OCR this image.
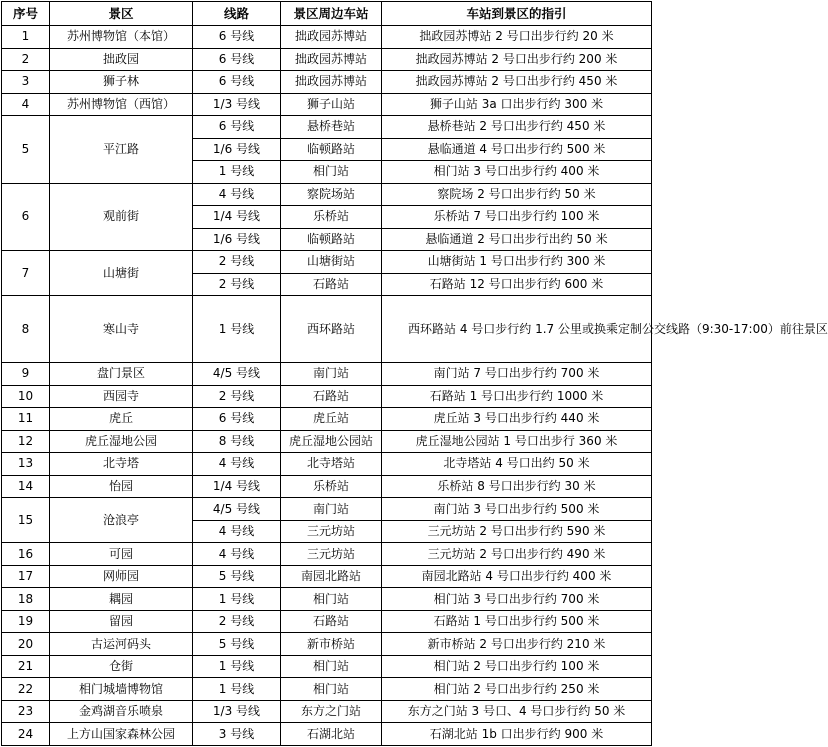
序号	景区	线路	景区周边车站	车站到景区的指引
1	苏州博物馆（本馆）	6 号线	拙政园苏博站	拙政园苏博站 2 号口出步行约 20 米
2	拙政园	6 号线	拙政园苏博站	拙政园苏博站 2 号口出步行约 200 米
3	狮子林	6 号线	拙政园苏博站	拙政园苏博站 2 号口出步行约 450 米
4	苏州博物馆（西馆）	1/3 号线	狮子山站	狮子山站 3a 口出步行约 300 米
5	平江路	6 号线	悬桥巷站	悬桥巷站 2 号口出步行约 450 米
		1/6 号线	临顿路站	悬临通道 4 号口出步行约 500 米
		1 号线	相门站	相门站 3 号口出步行约 400 米
6	观前街	4 号线	察院场站	察院场 2 号口出步行约 50 米
		1/4 号线	乐桥站	乐桥站 7 号口出步行约 100 米
		1/6 号线	临顿路站	悬临通道 2 号口出步行出约 50 米
7	山塘街	2 号线	山塘街站	山塘街站 1 号口出步行约 300 米
		2 号线	石路站	石路站 12 号口出步行约 600 米
8	寒山寺	1 号线	西环路站	西环路站 4 号口步行约 1.7 公里或换乘定制公交线路（9:30-17:00）前往景区
9	盘门景区	4/5 号线	南门站	南门站 7 号口出步行约 700 米
10	西园寺	2 号线	石路站	石路站 1 号口出步行约 1000 米
11	虎丘	6 号线	虎丘站	虎丘站 3 号口出步行约 440 米
12	虎丘湿地公园	8 号线	虎丘湿地公园站	虎丘湿地公园站 1 号口出步行 360 米
13	北寺塔	4 号线	北寺塔站	北寺塔站 4 号口出约 50 米
14	怡园	1/4 号线	乐桥站	乐桥站 8 号口出步行约 30 米
15	沧浪亭	4/5 号线	南门站	南门站 3 号口出步行约 500 米
		4 号线	三元坊站	三元坊站 2 号口出步行约 590 米
16	可园	4 号线	三元坊站	三元坊站 2 号口出步行约 490 米
17	网师园	5 号线	南园北路站	南园北路站 4 号口出步行约 400 米
18	耦园	1 号线	相门站	相门站 3 号口出步行约 700 米
19	留园	2 号线	石路站	石路站 1 号口出步行约 500 米
20	古运河码头	5 号线	新市桥站	新市桥站 2 号口出步行约 210 米
21	仓街	1 号线	相门站	相门站 2 号口出步行约 100 米
22	相门城墙博物馆	1 号线	相门站	相门站 2 号口出步行约 250 米
23	金鸡湖音乐喷泉	1/3 号线	东方之门站	东方之门站 3 号口、4 号口步行约 50 米
24	上方山国家森林公园	3 号线	石湖北站	石湖北站 1b 口出步行约 900 米
